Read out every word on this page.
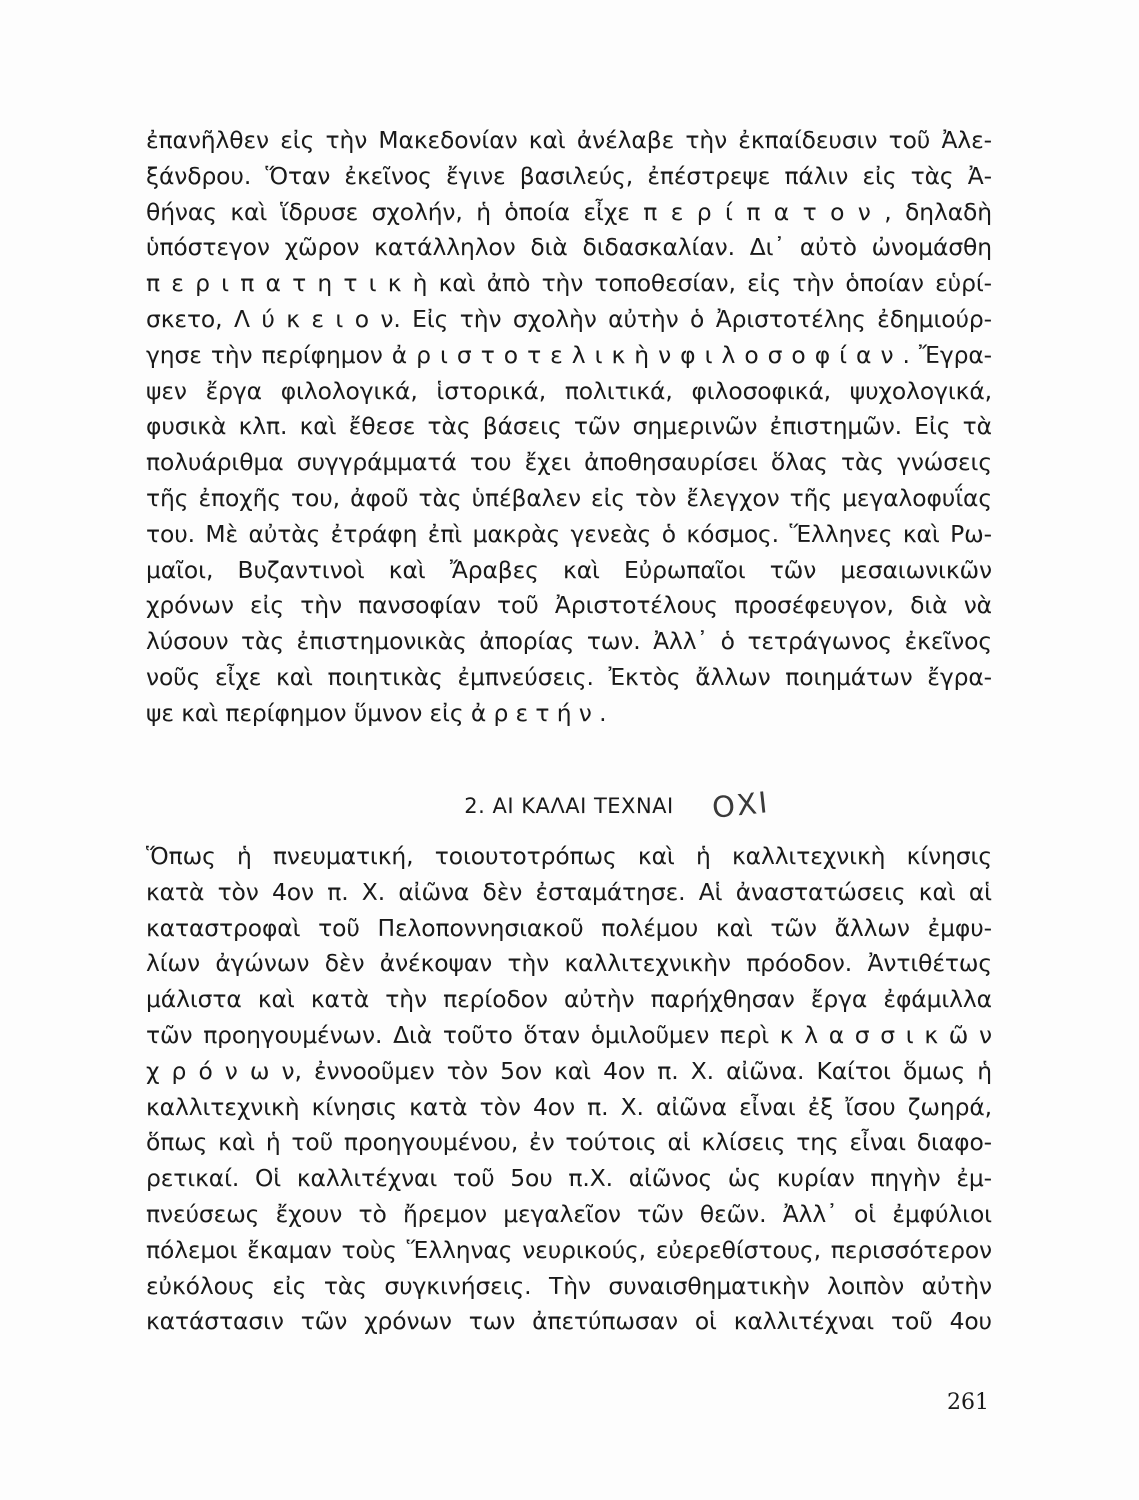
ἐπανῆλθεν εἰς τὴν Μακεδονίαν καὶ ἀνέλαβε τὴν ἐκπαίδευσιν τοῦ Ἀλε-
ξάνδρου. Ὅταν ἐκεῖνος ἔγινε βασιλεύς, ἐπέστρεψε πάλιν εἰς τὰς Ἀ-
θήνας καὶ ἵδρυσε σχολήν, ἡ ὁποία εἶχε π ε ρ ί π α τ ο ν , δηλαδὴ
ὑπόστεγον χῶρον κατάλληλον διὰ διδασκαλίαν. Δι᾽ αὐτὸ ὠνομάσθη
π ε ρ ι π α τ η τ ι κ ὴ καὶ ἀπὸ τὴν τοποθεσίαν, εἰς τὴν ὁποίαν εὑρί-
σκετο, Λ ύ κ ε ι ο ν. Εἰς τὴν σχολὴν αὐτὴν ὁ Ἀριστοτέλης ἐδημιούρ-
γησε τὴν περίφημον ἀ ρ ι σ τ ο τ ε λ ι κ ὴ ν φ ι λ ο σ ο φ ί α ν . Ἔγρα-
ψεν ἔργα φιλολογικά, ἱστορικά, πολιτικά, φιλοσοφικά, ψυχολογικά,
φυσικὰ κλπ. καὶ ἔθεσε τὰς βάσεις τῶν σημερινῶν ἐπιστημῶν. Εἰς τὰ
πολυάριθμα συγγράμματά του ἔχει ἀποθησαυρίσει ὅλας τὰς γνώσεις
τῆς ἐποχῆς του, ἀφοῦ τὰς ὑπέβαλεν εἰς τὸν ἔλεγχον τῆς μεγαλοφυΐας
του. Μὲ αὐτὰς ἐτράφη ἐπὶ μακρὰς γενεὰς ὁ κόσμος. Ἕλληνες καὶ Ρω-
μαῖοι, Βυζαντινοὶ καὶ Ἄραβες καὶ Εὐρωπαῖοι τῶν μεσαιωνικῶν
χρόνων εἰς τὴν πανσοφίαν τοῦ Ἀριστοτέλους προσέφευγον, διὰ νὰ
λύσουν τὰς ἐπιστημονικὰς ἀπορίας των. Ἀλλ᾽ ὁ τετράγωνος ἐκεῖνος
νοῦς εἶχε καὶ ποιητικὰς ἐμπνεύσεις. Ἐκτὸς ἄλλων ποιημάτων ἔγρα-
ψε καὶ περίφημον ὕμνον εἰς ἀ ρ ε τ ή ν .
2. ΑΙ ΚΑΛΑΙ ΤΕΧΝΑΙ	ΟΧΙ
Ὅπως ἡ πνευματική, τοιουτοτρόπως καὶ ἡ καλλιτεχνικὴ κίνησις
κατὰ τὸν 4ον π. Χ. αἰῶνα δὲν ἐσταμάτησε. Αἱ ἀναστατώσεις καὶ αἱ
καταστροφαὶ τοῦ Πελοποννησιακοῦ πολέμου καὶ τῶν ἄλλων ἐμφυ-
λίων ἀγώνων δὲν ἀνέκοψαν τὴν καλλιτεχνικὴν πρόοδον. Ἀντιθέτως
μάλιστα καὶ κατὰ τὴν περίοδον αὐτὴν παρήχθησαν ἔργα ἐφάμιλλα
τῶν προηγουμένων. Διὰ τοῦτο ὅταν ὁμιλοῦμεν περὶ κ λ α σ σ ι κ ῶ ν
χ ρ ό ν ω ν, ἐννοοῦμεν τὸν 5ον καὶ 4ον π. Χ. αἰῶνα. Καίτοι ὅμως ἡ
καλλιτεχνικὴ κίνησις κατὰ τὸν 4ον π. Χ. αἰῶνα εἶναι ἐξ ἴσου ζωηρά,
ὅπως καὶ ἡ τοῦ προηγουμένου, ἐν τούτοις αἱ κλίσεις της εἶναι διαφο-
ρετικαί. Οἱ καλλιτέχναι τοῦ 5ου π.Χ. αἰῶνος ὡς κυρίαν πηγὴν ἐμ-
πνεύσεως ἔχουν τὸ ἤρεμον μεγαλεῖον τῶν θεῶν. Ἀλλ᾽ οἱ ἐμφύλιοι
πόλεμοι ἔκαμαν τοὺς Ἕλληνας νευρικούς, εὐερεθίστους, περισσότερον
εὐκόλους εἰς τὰς συγκινήσεις. Τὴν συναισθηματικὴν λοιπὸν αὐτὴν
κατάστασιν τῶν χρόνων των ἀπετύπωσαν οἱ καλλιτέχναι τοῦ 4ου
261
